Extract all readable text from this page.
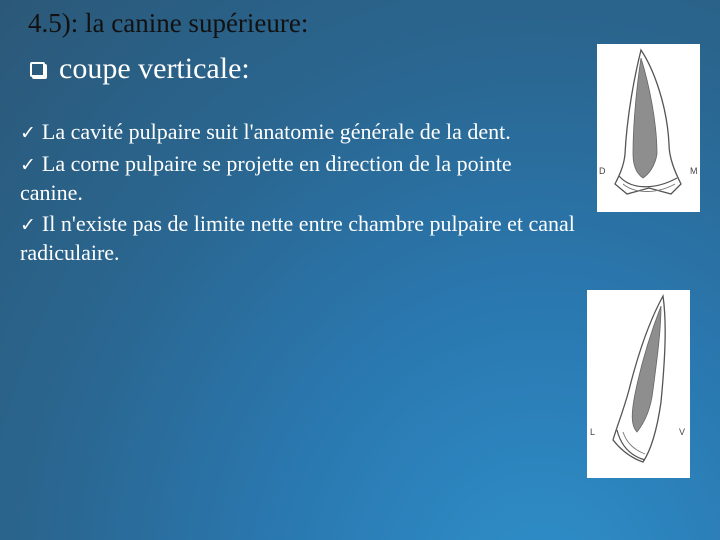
4.5): la canine supérieure:
coupe verticale:
✓ La cavité pulpaire suit l'anatomie générale de la dent.
✓ La corne pulpaire se projette en direction de la pointe canine.
✓ Il n'existe pas de limite nette entre chambre pulpaire et canal radiculaire.
D	M
L	V
